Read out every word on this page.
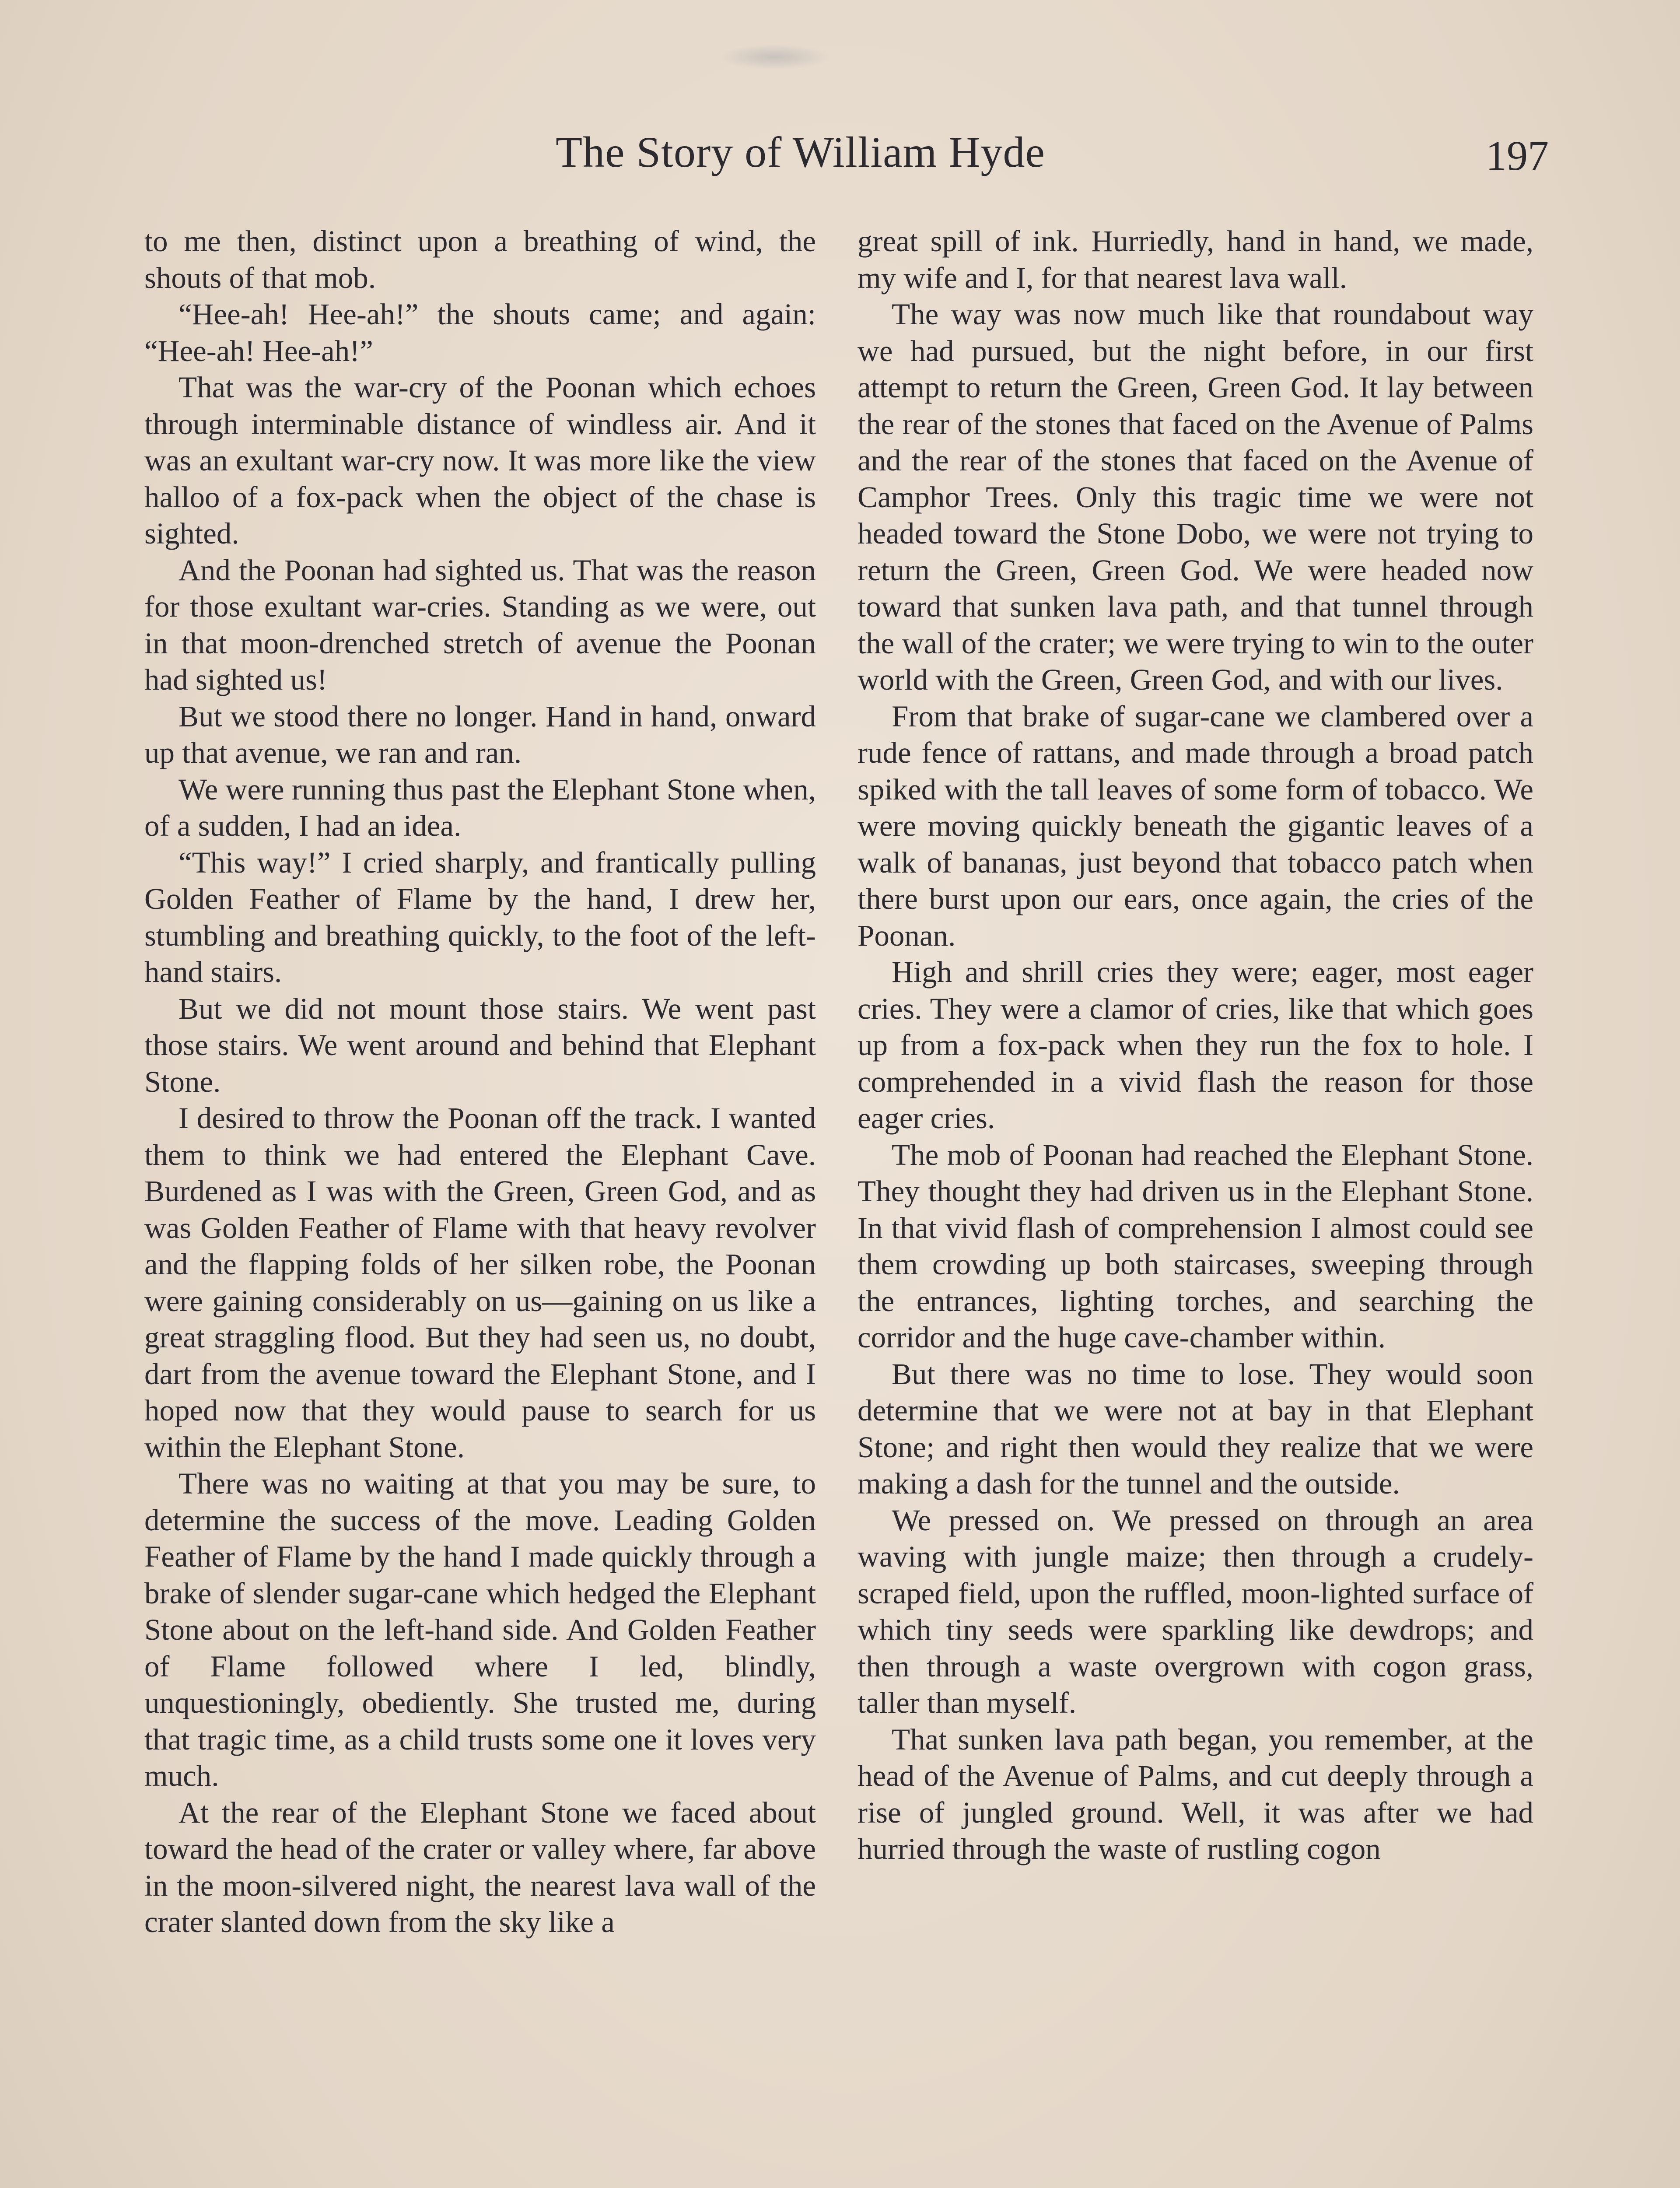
The Story of William Hyde	197

to me then, distinct upon a breathing of wind, the shouts of that mob.

“Hee-ah! Hee-ah!” the shouts came; and again: “Hee-ah! Hee-ah!”

That was the war-cry of the Poonan which echoes through interminable distance of windless air. And it was an exultant war-cry now. It was more like the view halloo of a fox-pack when the object of the chase is sighted.

And the Poonan had sighted us. That was the reason for those exultant war-cries. Standing as we were, out in that moon-drenched stretch of avenue the Poonan had sighted us!

But we stood there no longer. Hand in hand, onward up that avenue, we ran and ran.

We were running thus past the Elephant Stone when, of a sudden, I had an idea.

“This way!” I cried sharply, and frantically pulling Golden Feather of Flame by the hand, I drew her, stumbling and breathing quickly, to the foot of the left-hand stairs.

But we did not mount those stairs. We went past those stairs. We went around and behind that Elephant Stone.

I desired to throw the Poonan off the track. I wanted them to think we had entered the Elephant Cave. Burdened as I was with the Green, Green God, and as was Golden Feather of Flame with that heavy revolver and the flapping folds of her silken robe, the Poonan were gaining considerably on us—gaining on us like a great straggling flood. But they had seen us, no doubt, dart from the avenue toward the Elephant Stone, and I hoped now that they would pause to search for us within the Elephant Stone.

There was no waiting at that you may be sure, to determine the success of the move. Leading Golden Feather of Flame by the hand I made quickly through a brake of slender sugar-cane which hedged the Elephant Stone about on the left-hand side. And Golden Feather of Flame followed where I led, blindly, unquestioningly, obediently. She trusted me, during that tragic time, as a child trusts some one it loves very much.

At the rear of the Elephant Stone we faced about toward the head of the crater or valley where, far above in the moon-silvered night, the nearest lava wall of the crater slanted down from the sky like a

great spill of ink. Hurriedly, hand in hand, we made, my wife and I, for that nearest lava wall.

The way was now much like that roundabout way we had pursued, but the night before, in our first attempt to return the Green, Green God. It lay between the rear of the stones that faced on the Avenue of Palms and the rear of the stones that faced on the Avenue of Camphor Trees. Only this tragic time we were not headed toward the Stone Dobo, we were not trying to return the Green, Green God. We were headed now toward that sunken lava path, and that tunnel through the wall of the crater; we were trying to win to the outer world with the Green, Green God, and with our lives.

From that brake of sugar-cane we clambered over a rude fence of rattans, and made through a broad patch spiked with the tall leaves of some form of tobacco. We were moving quickly beneath the gigantic leaves of a walk of bananas, just beyond that tobacco patch when there burst upon our ears, once again, the cries of the Poonan.

High and shrill cries they were; eager, most eager cries. They were a clamor of cries, like that which goes up from a fox-pack when they run the fox to hole. I comprehended in a vivid flash the reason for those eager cries.

The mob of Poonan had reached the Elephant Stone. They thought they had driven us in the Elephant Stone. In that vivid flash of comprehension I almost could see them crowding up both staircases, sweeping through the entrances, lighting torches, and searching the corridor and the huge cave-chamber within.

But there was no time to lose. They would soon determine that we were not at bay in that Elephant Stone; and right then would they realize that we were making a dash for the tunnel and the outside.

We pressed on. We pressed on through an area waving with jungle maize; then through a crudely-scraped field, upon the ruffled, moon-lighted surface of which tiny seeds were sparkling like dewdrops; and then through a waste overgrown with cogon grass, taller than myself.

That sunken lava path began, you remember, at the head of the Avenue of Palms, and cut deeply through a rise of jungled ground. Well, it was after we had hurried through the waste of rustling cogon
